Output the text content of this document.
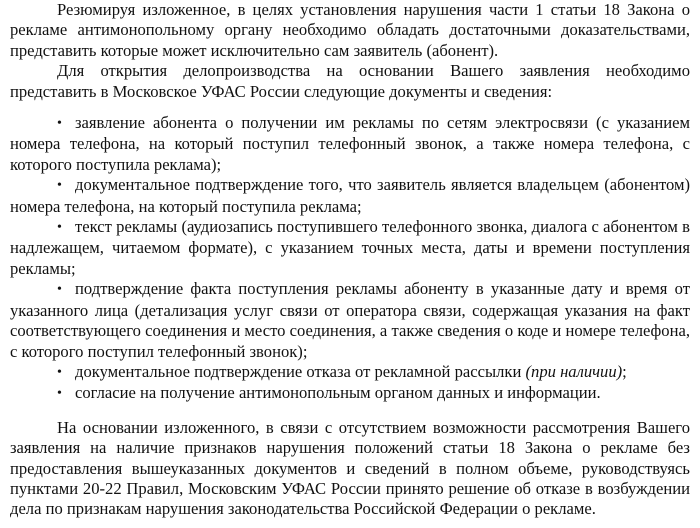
Резюмируя изложенное, в целях установления нарушения части 1 статьи 18 Закона о рекламе антимонопольному органу необходимо обладать достаточными доказательствами, представить которые может исключительно сам заявитель (абонент).

Для открытия делопроизводства на основании Вашего заявления необходимо представить в Московское УФАС России следующие документы и сведения:

• заявление абонента о получении им рекламы по сетям электросвязи (с указанием номера телефона, на который поступил телефонный звонок, а также номера телефона, с которого поступила реклама);
• документальное подтверждение того, что заявитель является владельцем (абонентом) номера телефона, на который поступила реклама;
• текст рекламы (аудиозапись поступившего телефонного звонка, диалога с абонентом в надлежащем, читаемом формате), с указанием точных места, даты и времени поступления рекламы;
• подтверждение факта поступления рекламы абоненту в указанные дату и время от указанного лица (детализация услуг связи от оператора связи, содержащая указания на факт соответствующего соединения и место соединения, а также сведения о коде и номере телефона, с которого поступил телефонный звонок);
• документальное подтверждение отказа от рекламной рассылки (при наличии);
• согласие на получение антимонопольным органом данных и информации.

На основании изложенного, в связи с отсутствием возможности рассмотрения Вашего заявления на наличие признаков нарушения положений статьи 18 Закона о рекламе без предоставления вышеуказанных документов и сведений в полном объеме, руководствуясь пунктами 20-22 Правил, Московским УФАС России принято решение об отказе в возбуждении дела по признакам нарушения законодательства Российской Федерации о рекламе.
